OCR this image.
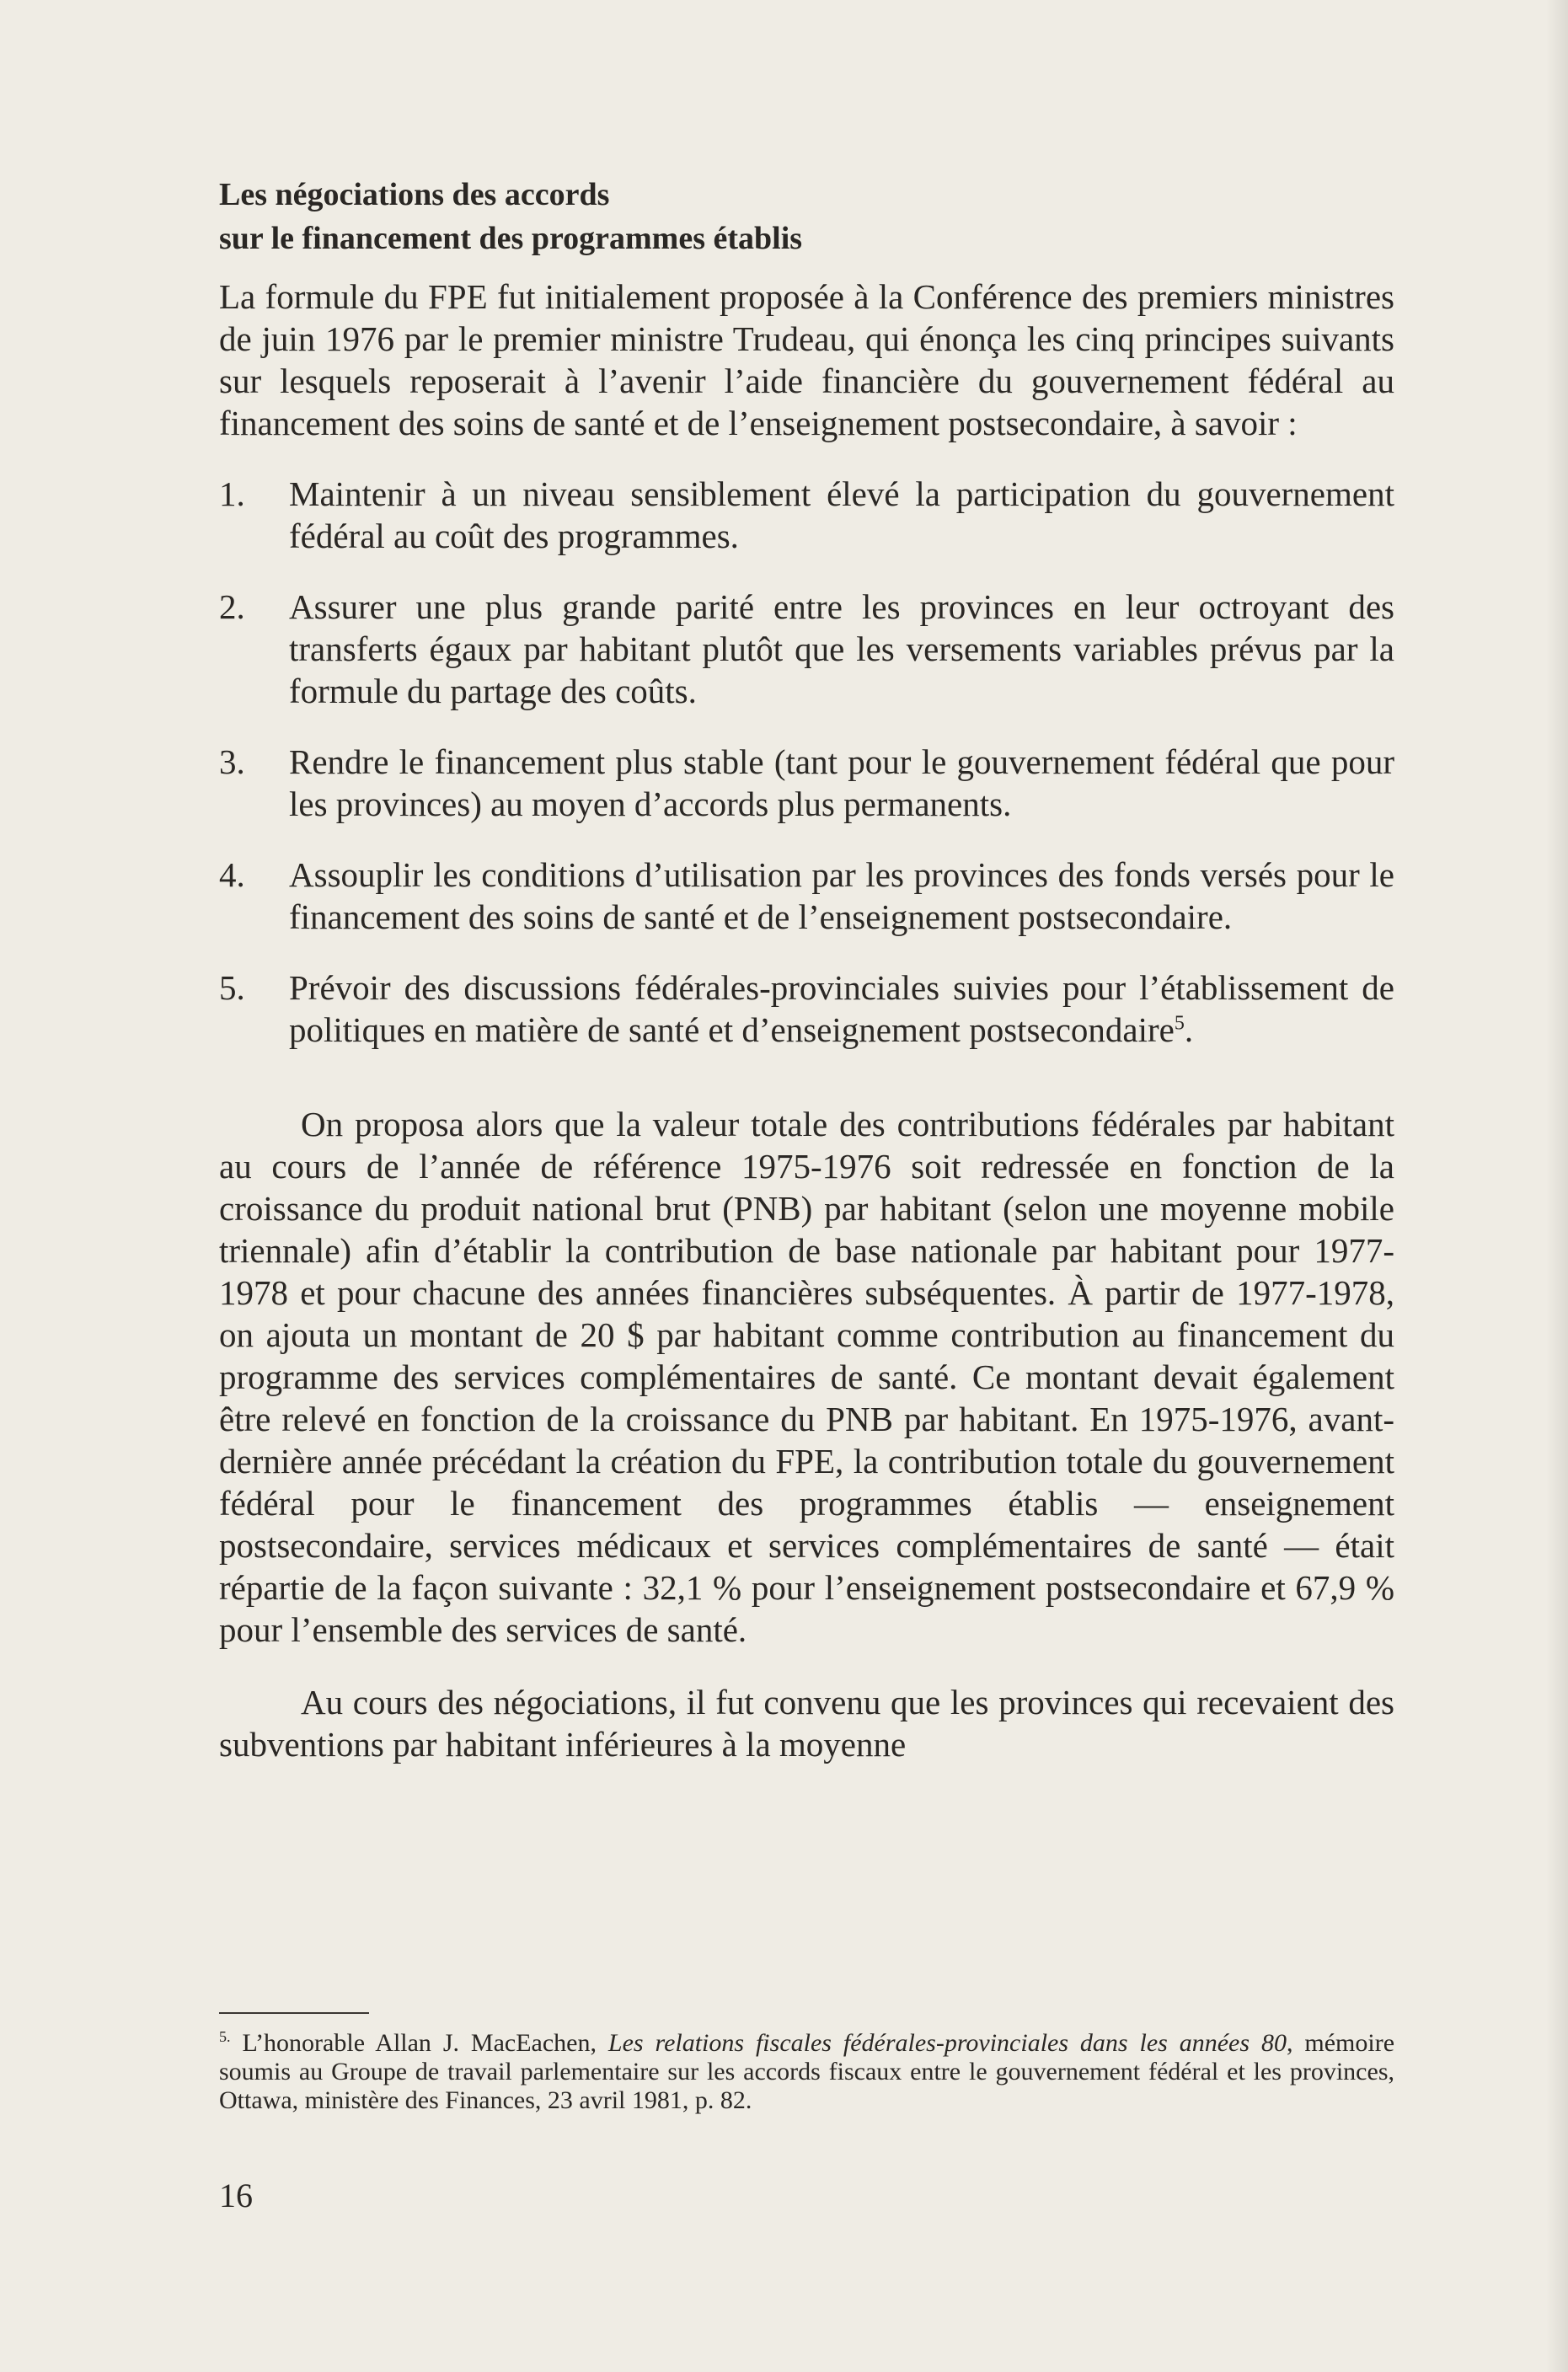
Les négociations des accords
sur le financement des programmes établis

La formule du FPE fut initialement proposée à la Conférence des premiers ministres de juin 1976 par le premier ministre Trudeau, qui énonça les cinq principes suivants sur lesquels reposerait à l’avenir l’aide financière du gouvernement fédéral au financement des soins de santé et de l’enseignement postsecondaire, à savoir :

1.	Maintenir à un niveau sensiblement élevé la participation du gouvernement fédéral au coût des programmes.
2.	Assurer une plus grande parité entre les provinces en leur octroyant des transferts égaux par habitant plutôt que les versements variables prévus par la formule du partage des coûts.
3.	Rendre le financement plus stable (tant pour le gouvernement fédéral que pour les provinces) au moyen d’accords plus permanents.
4.	Assouplir les conditions d’utilisation par les provinces des fonds versés pour le financement des soins de santé et de l’enseignement postsecondaire.
5.	Prévoir des discussions fédérales-provinciales suivies pour l’établissement de politiques en matière de santé et d’enseignement postsecondaire$^5$.

On proposa alors que la valeur totale des contributions fédérales par habitant au cours de l’année de référence 1975-1976 soit redressée en fonction de la croissance du produit national brut (PNB) par habitant (selon une moyenne mobile triennale) afin d’établir la contribution de base nationale par habitant pour 1977-1978 et pour chacune des années financières subséquentes. À partir de 1977-1978, on ajouta un montant de 20 $ par habitant comme contribution au financement du programme des services complémentaires de santé. Ce montant devait également être relevé en fonction de la croissance du PNB par habitant. En 1975-1976, avant-dernière année précédant la création du FPE, la contribution totale du gouvernement fédéral pour le financement des programmes établis — enseignement postsecondaire, services médicaux et services complémentaires de santé — était répartie de la façon suivante : 32,1 % pour l’enseignement postsecondaire et 67,9 % pour l’ensemble des services de santé.

Au cours des négociations, il fut convenu que les provinces qui recevaient des subventions par habitant inférieures à la moyenne

$^{5.}$ L’honorable Allan J. MacEachen, Les relations fiscales fédérales-provinciales dans les années 80, mémoire soumis au Groupe de travail parlementaire sur les accords fiscaux entre le gouvernement fédéral et les provinces, Ottawa, ministère des Finances, 23 avril 1981, p. 82.
16
